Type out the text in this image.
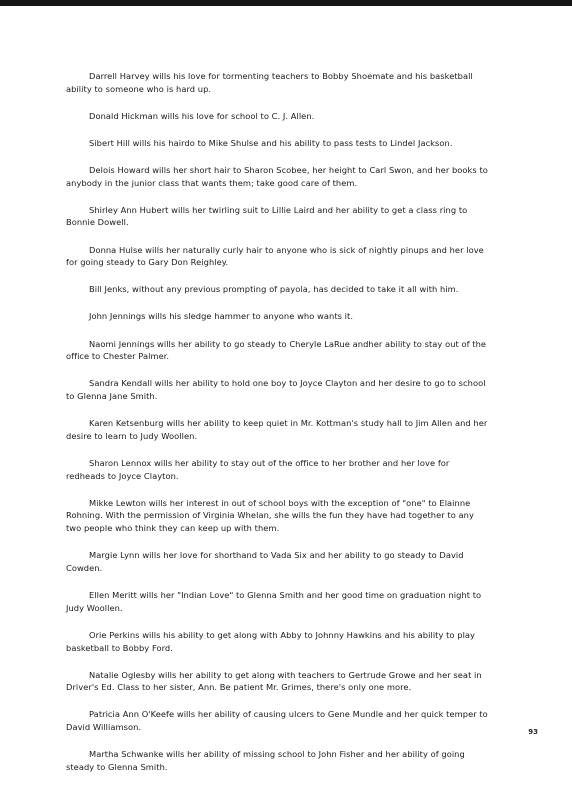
Darrell Harvey wills his love for tormenting teachers to Bobby Shoemate and his basketball ability to someone who is hard up.

Donald Hickman wills his love for school to C. J. Allen.

Sibert Hill wills his hairdo to Mike Shulse and his ability to pass tests to Lindel Jackson.

Delois Howard wills her short hair to Sharon Scobee, her height to Carl Swon, and her books to anybody in the junior class that wants them; take good care of them.

Shirley Ann Hubert wills her twirling suit to Lillie Laird and her ability to get a class ring to Bonnie Dowell.

Donna Hulse wills her naturally curly hair to anyone who is sick of nightly pinups and her love for going steady to Gary Don Reighley.

Bill Jenks, without any previous prompting of payola, has decided to take it all with him.

John Jennings wills his sledge hammer to anyone who wants it.

Naomi Jennings wills her ability to go steady to Cheryle LaRue andher ability to stay out of the office to Chester Palmer.

Sandra Kendall wills her ability to hold one boy to Joyce Clayton and her desire to go to school to Glenna Jane Smith.

Karen Ketsenburg wills her ability to keep quiet in Mr. Kottman's study hall to Jim Allen and her desire to learn to Judy Woollen.

Sharon Lennox wills her ability to stay out of the office to her brother and her love for redheads to Joyce Clayton.

Mikke Lewton wills her interest in out of school boys with the exception of "one" to Elainne Rohning. With the permission of Virginia Whelan, she wills the fun they have had together to any two people who think they can keep up with them.

Margie Lynn wills her love for shorthand to Vada Six and her ability to go steady to David Cowden.

Ellen Meritt wills her "Indian Love" to Glenna Smith and her good time on graduation night to Judy Woollen.

Orie Perkins wills his ability to get along with Abby to Johnny Hawkins and his ability to play basketball to Bobby Ford.

Natalie Oglesby wills her ability to get along with teachers to Gertrude Growe and her seat in Driver's Ed. Class to her sister, Ann. Be patient Mr. Grimes, there's only one more.

Patricia Ann O'Keefe wills her ability of causing ulcers to Gene Mundle and her quick temper to David Williamson.

Martha Schwanke wills her ability of missing school to John Fisher and her ability of going steady to Glenna Smith.

93
